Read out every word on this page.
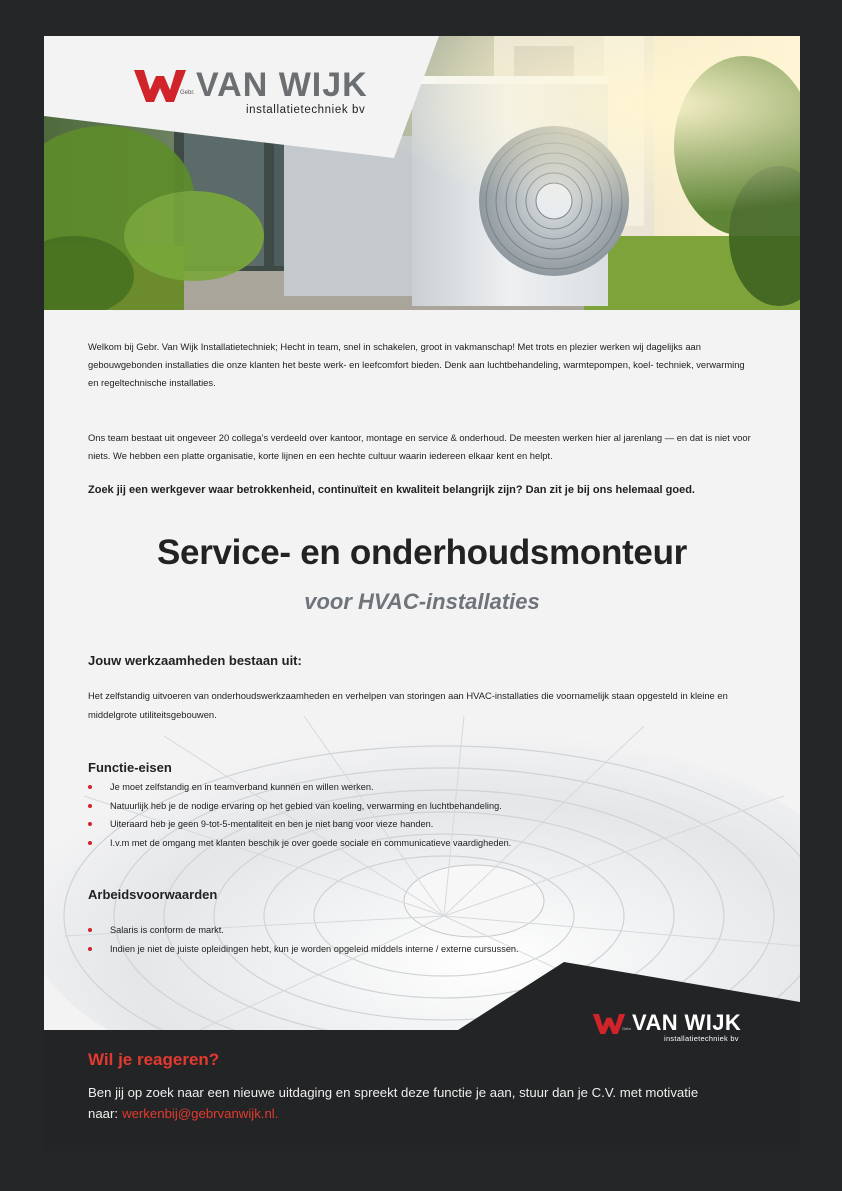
Gebr. VAN WIJK
installatietechniek bv

Welkom bij Gebr. Van Wijk Installatietechniek; Hecht in team, snel in schakelen, groot in vakmanschap! Met trots en plezier werken wij dagelijks aan gebouwgebonden installaties die onze klanten het beste werk- en leefcomfort bieden. Denk aan luchtbehandeling, warmtepompen, koel- techniek, verwarming en regeltechnische installaties.

Ons team bestaat uit ongeveer 20 collega’s verdeeld over kantoor, montage en service & onderhoud. De meesten werken hier al jarenlang — en dat is niet voor niets. We hebben een platte organisatie, korte lijnen en een hechte cultuur waarin iedereen elkaar kent en helpt.

Zoek jij een werkgever waar betrokkenheid, continuïteit en kwaliteit belangrijk zijn? Dan zit je bij ons helemaal goed.

Service- en onderhoudsmonteur
voor HVAC-installaties
Jouw werkzaamheden bestaan uit:

Het zelfstandig uitvoeren van onderhoudswerkzaamheden en verhelpen van storingen aan HVAC-installaties die voornamelijk staan opgesteld in kleine en middelgrote utiliteitsgebouwen.

Functie-eisen
Je moet zelfstandig en in teamverband kunnen en willen werken.
Natuurlijk heb je de nodige ervaring op het gebied van koeling, verwarming en luchtbehandeling.
Uiteraard heb je geen 9-tot-5-mentaliteit en ben je niet bang voor vieze handen.
I.v.m met de omgang met klanten beschik je over goede sociale en communicatieve vaardigheden.
Arbeidsvoorwaarden
Salaris is conform de markt.
Indien je niet de juiste opleidingen hebt, kun je worden opgeleid middels interne / externe cursussen.
Wil je reageren?

Ben jij op zoek naar een nieuwe uitdaging en spreekt deze functie je aan, stuur dan je C.V. met motivatie naar: werkenbij@gebrvanwijk.nl.

Gebr. VAN WIJK
installatietechniek bv
